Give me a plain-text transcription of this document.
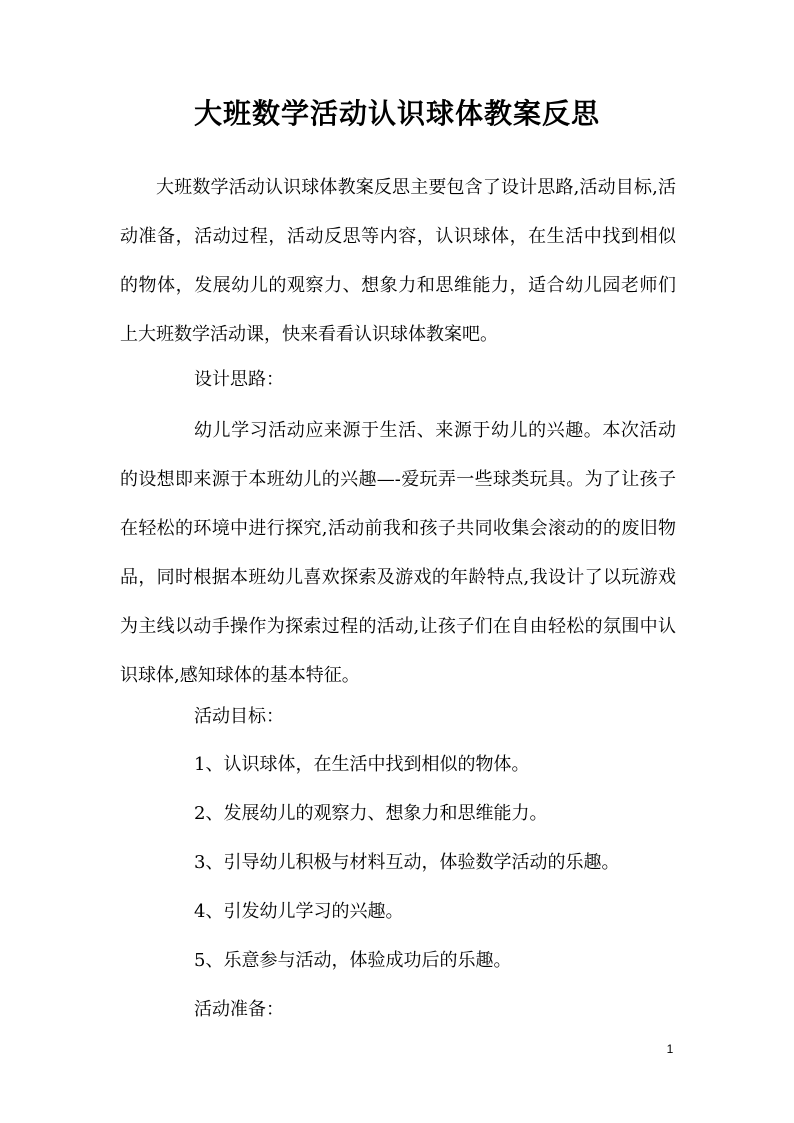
大班数学活动认识球体教案反思

大班数学活动认识球体教案反思主要包含了设计思路,活动目标,活动准备，活动过程，活动反思等内容，认识球体，在生活中找到相似的物体，发展幼儿的观察力、想象力和思维能力，适合幼儿园老师们上大班数学活动课，快来看看认识球体教案吧。

设计思路：

幼儿学习活动应来源于生活、来源于幼儿的兴趣。本次活动的设想即来源于本班幼儿的兴趣—-爱玩弄一些球类玩具。为了让孩子在轻松的环境中进行探究,活动前我和孩子共同收集会滚动的的废旧物品，同时根据本班幼儿喜欢探索及游戏的年龄特点,我设计了以玩游戏为主线以动手操作为探索过程的活动,让孩子们在自由轻松的氛围中认识球体,感知球体的基本特征。

活动目标：

1、认识球体，在生活中找到相似的物体。
2、发展幼儿的观察力、想象力和思维能力。
3、引导幼儿积极与材料互动，体验数学活动的乐趣。
4、引发幼儿学习的兴趣。
5、乐意参与活动，体验成功后的乐趣。

活动准备：

1
